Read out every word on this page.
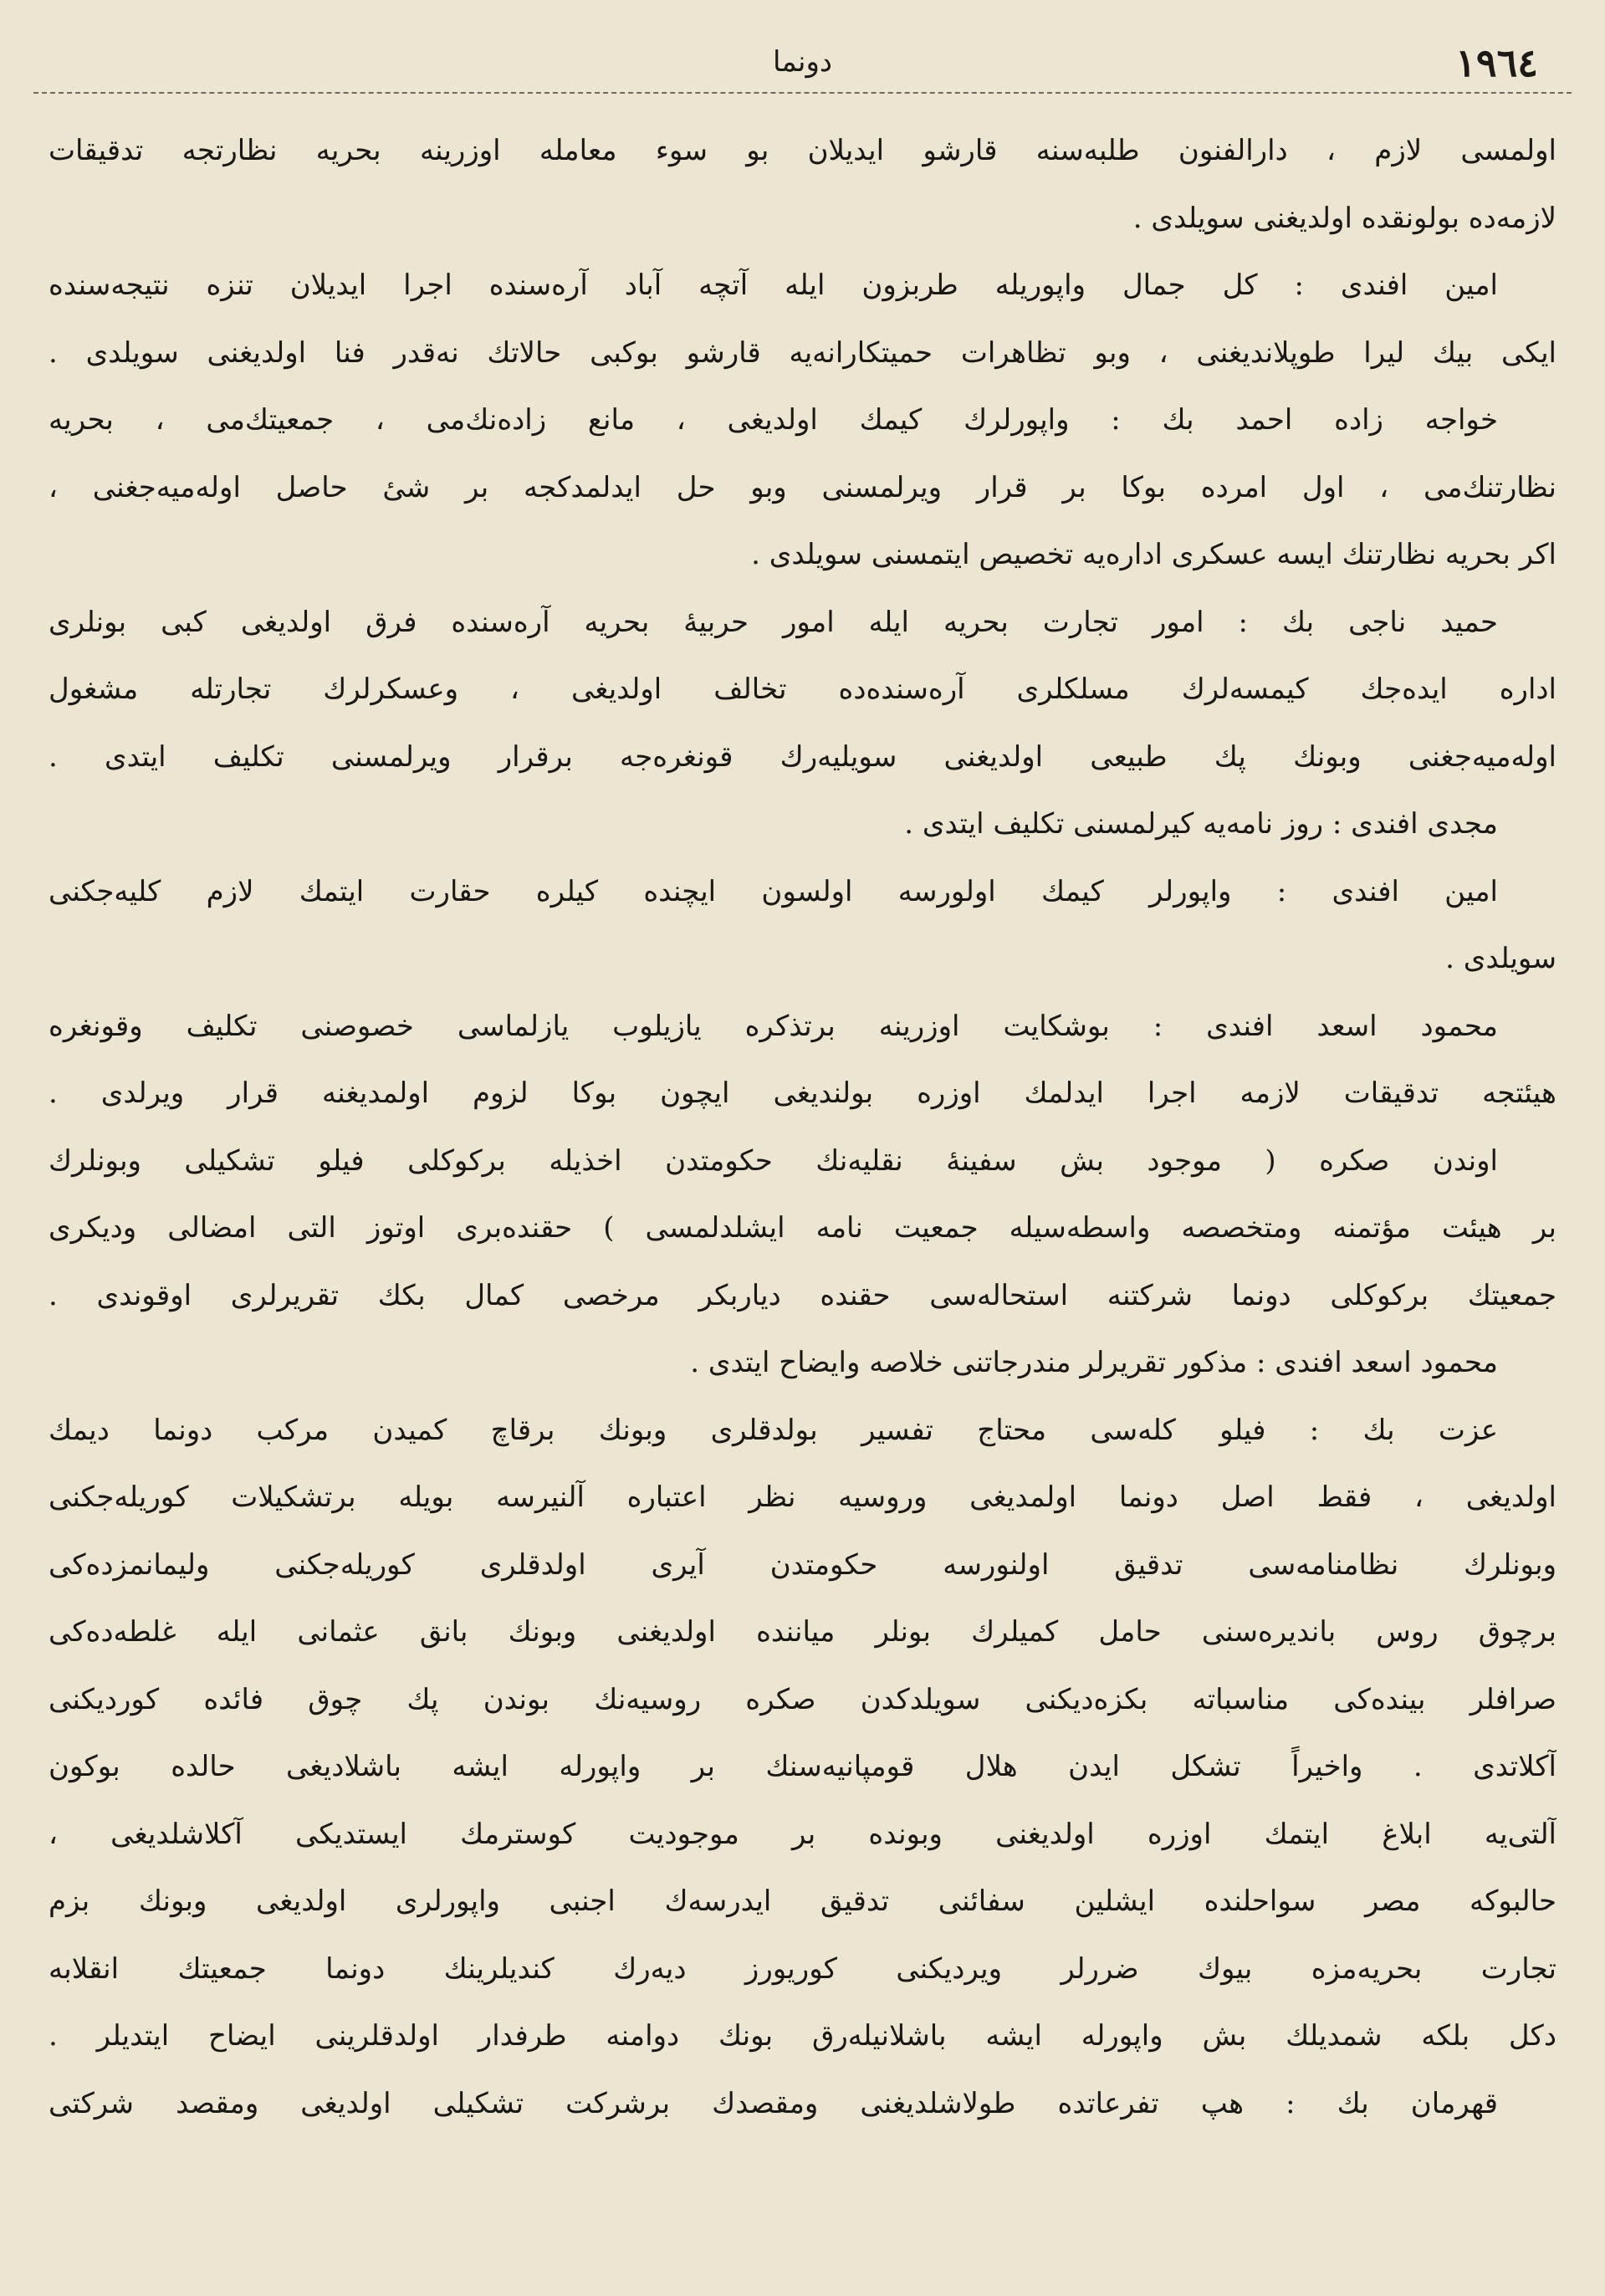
١٩٦٤
دونما
اولمسی لازم ، دارالفنون طلبه‌سنه قارشو ایدیلان بو سوء معامله اوزرینه بحریه نظارتجه تدقیقات
لازمه‌ده بولونقده اولدیغنی سویلدی .
امین افندی : کل جمال واپوریله طربزون ایله آتچه آباد آره‌سنده اجرا ایدیلان تنزه نتیجه‌سنده
ایکی بیك لیرا طوپلاندیغنی ، وبو تظاهرات حمیتکارانه‌یه قارشو بوکبی حالاتك نه‌قدر فنا اولدیغنی سویلدی .
خواجه زاده احمد بك : واپورلرك کیمك اولدیغی ، مانع زاده‌نك‌می ، جمعیتك‌می ، بحریه
نظارتنك‌می ، اول امرده بوکا بر قرار ویرلمسنی وبو حل ایدلمدکجه بر شیٔ حاصل اوله‌میه‌جغنی ،
اکر بحریه نظارتنك ایسه عسکری اداره‌یه تخصیص ایتمسنی سویلدی .
حمید ناجی بك : امور تجارت بحریه ایله امور حربیهٔ بحریه آره‌سنده فرق اولدیغی کبی بونلری
اداره ایده‌جك کیمسه‌لرك مسلکلری آره‌سنده‌ده تخالف اولدیغی ، وعسکرلرك تجارتله مشغول
اوله‌میه‌جغنی وبونك پك طبیعی اولدیغنی سویلیه‌رك قونغره‌جه برقرار ویرلمسنی تکلیف ایتدی .
مجدی افندی : روز نامه‌یه کیرلمسنی تکلیف ایتدی .
امین افندی : واپورلر کیمك اولورسه اولسون ایچنده کیلره حقارت ایتمك لازم کلیه‌جکنی
سویلدی .
محمود اسعد افندی : بوشکایت اوزرینه برتذکره یازیلوب یازلماسی خصوصنی تکلیف وقونغره
هیئتجه تدقیقات لازمه اجرا ایدلمك اوزره بولندیغی ایچون بوکا لزوم اولمدیغنه قرار ویرلدی .
اوندن صکره ( موجود بش سفینهٔ نقلیه‌نك حکومتدن اخذیله برکوکلی فیلو تشکیلی وبونلرك
بر هیئت مؤتمنه ومتخصصه واسطه‌سیله جمعیت نامه ایشلدلمسی ) حقنده‌بری اوتوز التی امضالی ودیکری
جمعیتك برکوکلی دونما شرکتنه استحاله‌سی حقنده دیاربکر مرخصی کمال بکك تقریرلری اوقوندی .
محمود اسعد افندی : مذکور تقریرلر مندرجاتنی خلاصه وایضاح ایتدی .
عزت بك : فیلو کله‌سی محتاج تفسیر بولدقلری وبونك برقاچ کمیدن مرکب دونما دیمك
اولدیغی ، فقط اصل دونما اولمدیغی وروسیه نظر اعتباره آلنیرسه بویله برتشکیلات کوریله‌جکنی
وبونلرك نظامنامه‌سی تدقیق اولنورسه حکومتدن آیری اولدقلری کوریله‌جکنی ولیمانمزده‌کی
برچوق روس باندیره‌سنی حامل کمیلرك بونلر میاننده اولدیغنی وبونك بانق عثمانی ایله غلطه‌ده‌کی
صرافلر بینده‌کی مناسباته بکزه‌دیکنی سویلدکدن صکره روسیه‌نك بوندن پك چوق فائده کوردیکنی
آکلاتدی . واخیراً تشکل ایدن هلال قومپانیه‌سنك بر واپورله ایشه باشلادیغی حالده بوکون
آلتی‌یه ابلاغ ایتمك اوزره اولدیغنی وبونده بر موجودیت کوسترمك ایستدیکی آکلاشلدیغی ،
حالبوکه مصر سواحلنده ایشلین سفائنی تدقیق ایدرسه‌ك اجنبی واپورلری اولدیغی وبونك بزم
تجارت بحریه‌مزه بیوك ضررلر ویردیکنی کوریورز دیه‌رك کندیلرینك دونما جمعیتك انقلابه
دکل بلکه شمدیلك بش واپورله ایشه باشلانیله‌رق بونك دوامنه طرفدار اولدقلرینی ایضاح ایتدیلر .
قهرمان بك : هپ تفرعاتده طولاشلدیغنی ومقصدك برشرکت تشکیلی اولدیغی ومقصد شرکتی
